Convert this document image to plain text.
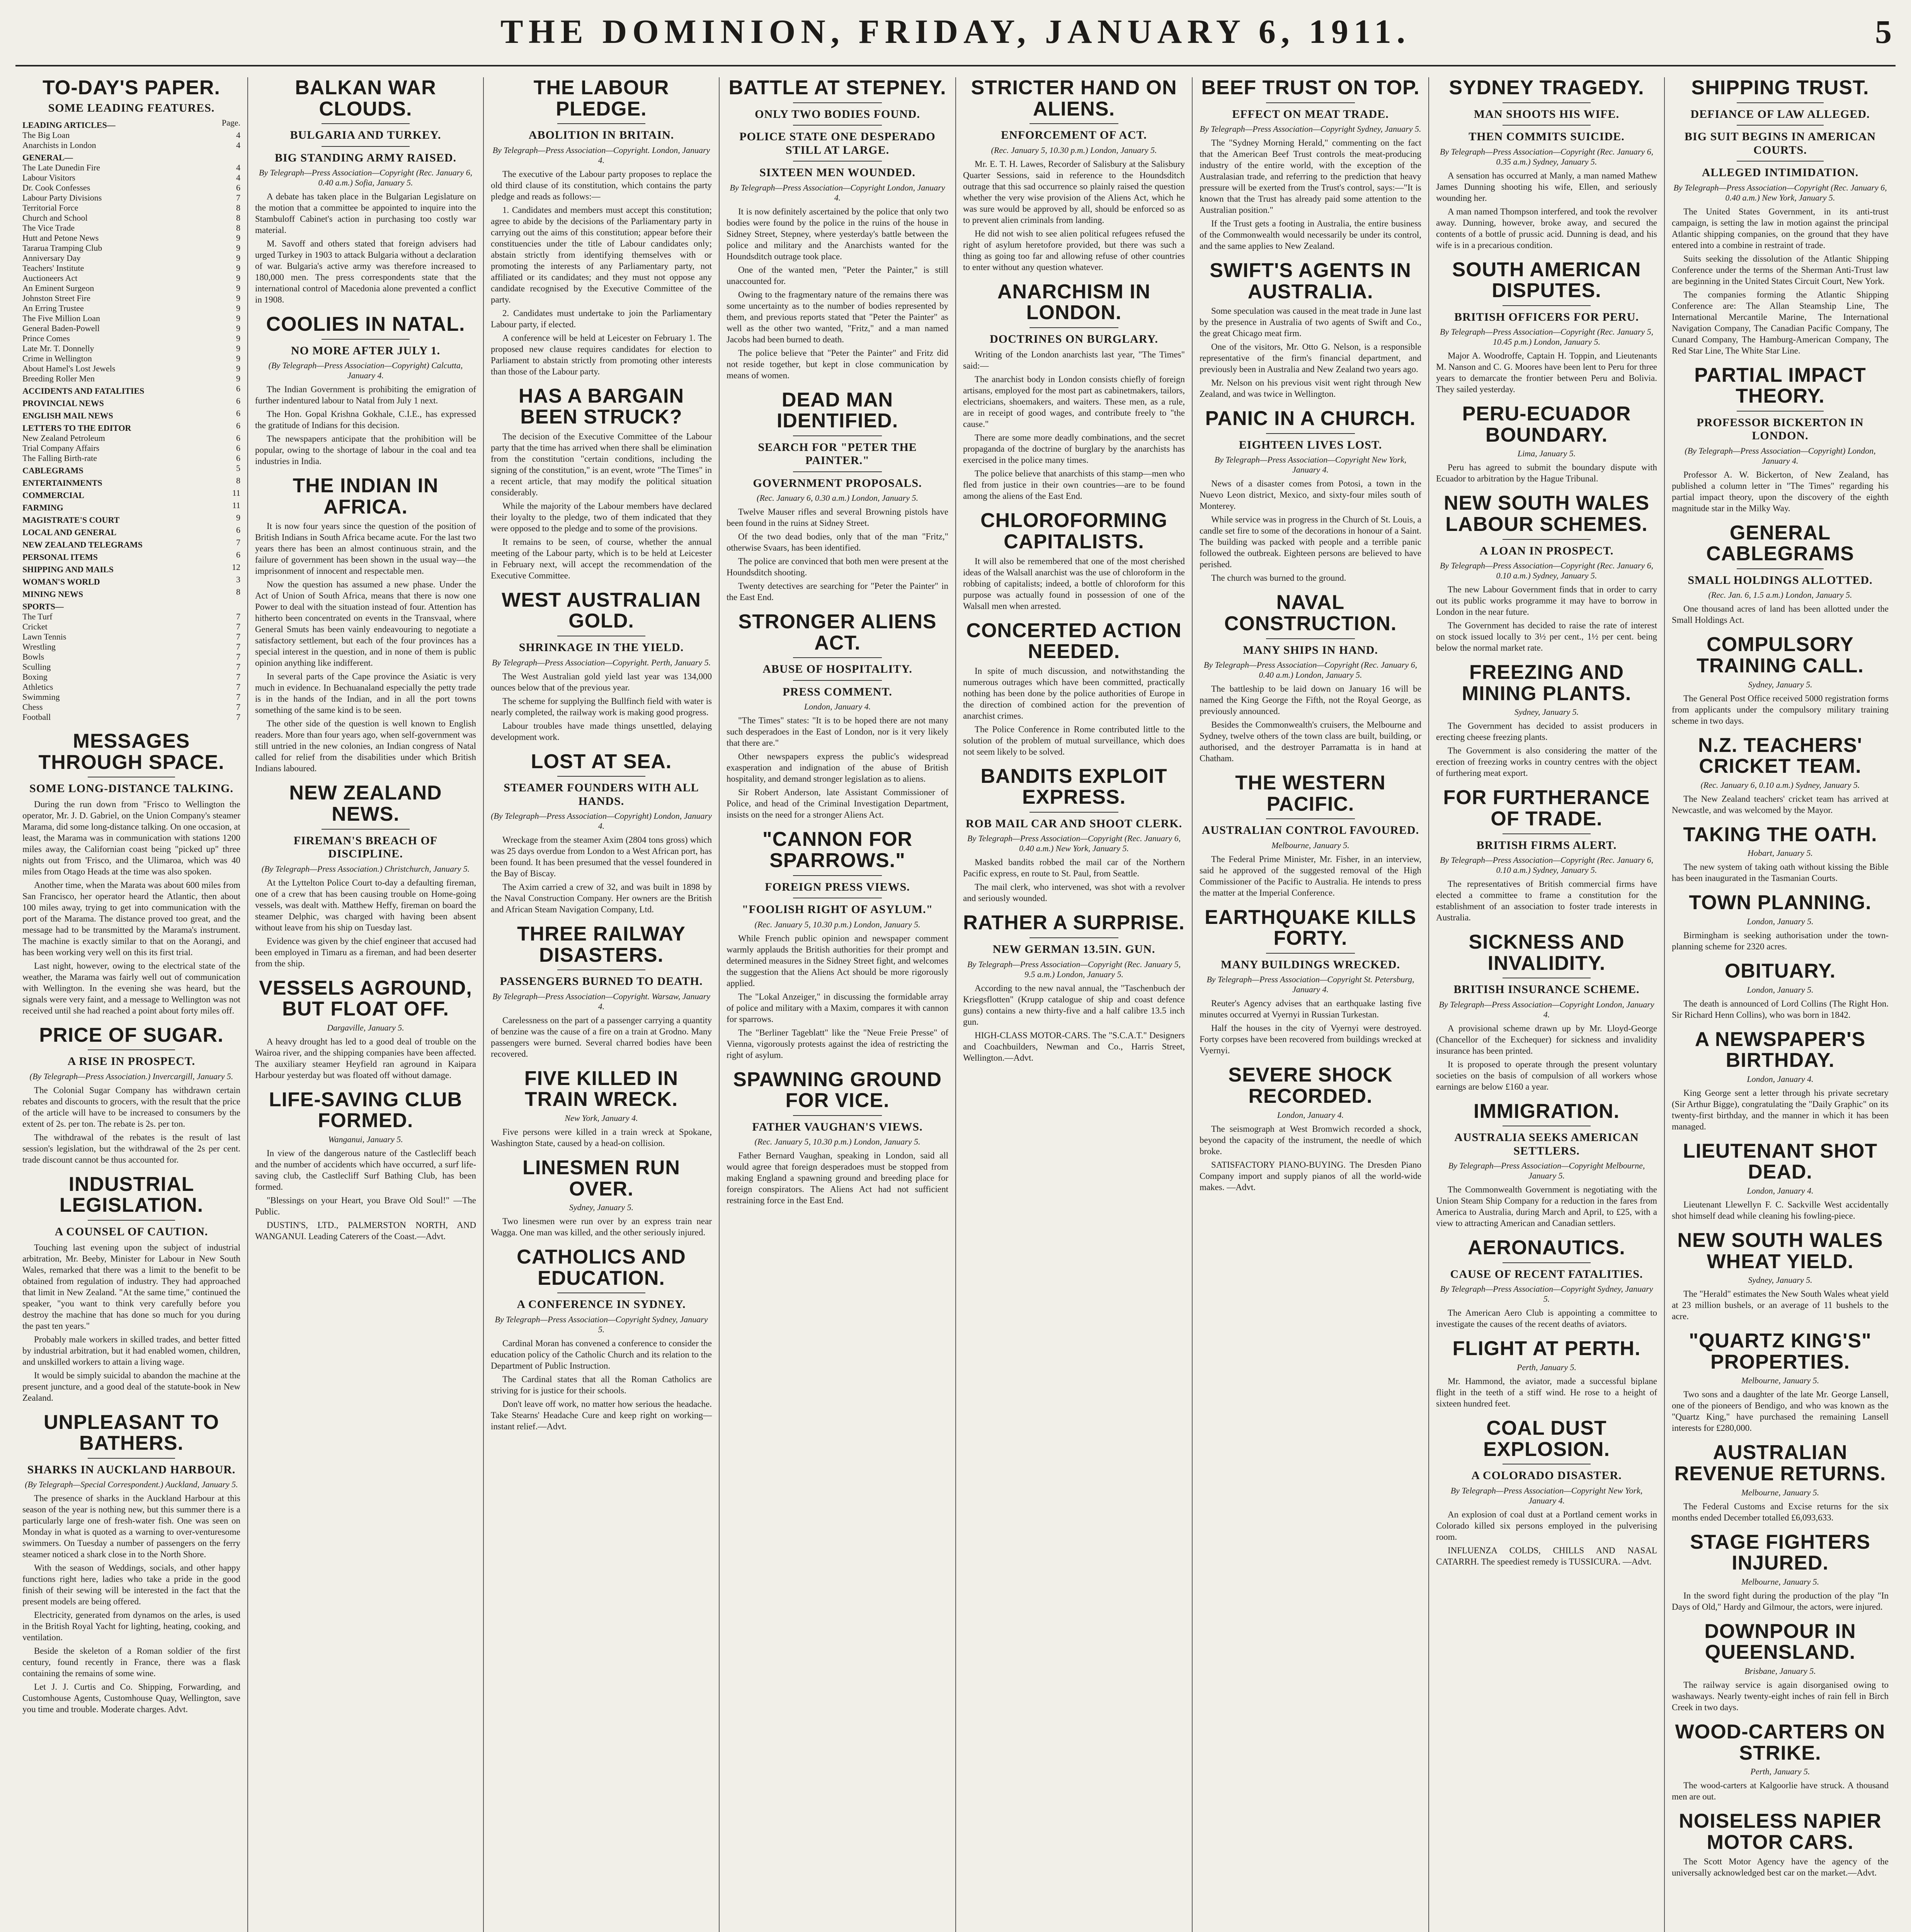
THE DOMINION, FRIDAY, JANUARY 6, 1911.	5
TO-DAY'S PAPER.
SOME LEADING FEATURES.
LEADING ARTICLES—	Page.
The Big Loan	4
Anarchists in London	4
GENERAL—
The Late Dunedin Fire	4
Labour Visitors	4
Dr. Cook Confesses	6
Labour Party Divisions	7
Territorial Force	8
Church and School	8
The Vice Trade	8
Hutt and Petone News	9
Tararua Tramping Club	9
Anniversary Day	9
Teachers' Institute	9
Auctioneers Act	9
An Eminent Surgeon	9
Johnston Street Fire	9
An Erring Trustee	9
The Five Million Loan	9
General Baden-Powell	9
Prince Comes	9
Late Mr. T. Donnelly	9
Crime in Wellington	9
About Hamel's Lost Jewels	9
Breeding Roller Men	9
ACCIDENTS AND FATALITIES	6
PROVINCIAL NEWS	6
ENGLISH MAIL NEWS	6
LETTERS TO THE EDITOR	6
New Zealand Petroleum	6
Trial Company Affairs	6
The Falling Birth-rate	6
CABLEGRAMS	5
ENTERTAINMENTS	8
COMMERCIAL	11
FARMING	11
MAGISTRATE'S COURT	9
LOCAL AND GENERAL	6
NEW ZEALAND TELEGRAMS	7
PERSONAL ITEMS	6
SHIPPING AND MAILS	12
WOMAN'S WORLD	3
MINING NEWS	8
SPORTS—
The Turf	7
Cricket	7
Lawn Tennis	7
Wrestling	7
Bowls	7
Sculling	7
Boxing	7
Athletics	7
Swimming	7
Chess	7
Football	7
MESSAGES THROUGH SPACE.
SOME LONG-DISTANCE TALKING.

During the run down from "Frisco to Wellington the operator, Mr. J. D. Gabriel, on the Union Company's steamer Marama, did some long-distance talking. On one occasion, at least, the Marama was in communication with stations 1200 miles away, the Californian coast being "picked up" three nights out from 'Frisco, and the Ulimaroa, which was 40 miles from Otago Heads at the time was also spoken.

Another time, when the Marata was about 600 miles from San Francisco, her operator heard the Atlantic, then about 100 miles away, trying to get into communication with the port of the Marama. The distance proved too great, and the message had to be transmitted by the Marama's instrument. The machine is exactly similar to that on the Aorangi, and has been working very well on this its first trial.

Last night, however, owing to the electrical state of the weather, the Marama was fairly well out of communication with Wellington. In the evening she was heard, but the signals were very faint, and a message to Wellington was not received until she had reached a point about forty miles off.

PRICE OF SUGAR.
A RISE IN PROSPECT.
(By Telegraph—Press Association.) Invercargill, January 5.

The Colonial Sugar Company has withdrawn certain rebates and discounts to grocers, with the result that the price of the article will have to be increased to consumers by the extent of 2s. per ton. The rebate is 2s. per ton.

The withdrawal of the rebates is the result of last session's legislation, but the withdrawal of the 2s per cent. trade discount cannot be thus accounted for.

INDUSTRIAL LEGISLATION.
A COUNSEL OF CAUTION.

Touching last evening upon the subject of industrial arbitration, Mr. Beeby, Minister for Labour in New South Wales, remarked that there was a limit to the benefit to be obtained from regulation of industry. They had approached that limit in New Zealand. "At the same time," continued the speaker, "you want to think very carefully before you destroy the machine that has done so much for you during the past ten years."

Probably male workers in skilled trades, and better fitted by industrial arbitration, but it had enabled women, children, and unskilled workers to attain a living wage.

It would be simply suicidal to abandon the machine at the present juncture, and a good deal of the statute-book in New Zealand.

UNPLEASANT TO BATHERS.
SHARKS IN AUCKLAND HARBOUR.
(By Telegraph—Special Correspondent.) Auckland, January 5.

The presence of sharks in the Auckland Harbour at this season of the year is nothing new, but this summer there is a particularly large one of fresh-water fish. One was seen on Monday in what is quoted as a warning to over-venturesome swimmers. On Tuesday a number of passengers on the ferry steamer noticed a shark close in to the North Shore.

With the season of Weddings, socials, and other happy functions right here, ladies who take a pride in the good finish of their sewing will be interested in the fact that the present models are being offered.

Electricity, generated from dynamos on the arles, is used in the British Royal Yacht for lighting, heating, cooking, and ventilation.

Beside the skeleton of a Roman soldier of the first century, found recently in France, there was a flask containing the remains of some wine.

Let J. J. Curtis and Co. Shipping, Forwarding, and Customhouse Agents, Customhouse Quay, Wellington, save you time and trouble. Moderate charges. Advt.

BALKAN WAR CLOUDS.
BULGARIA AND TURKEY.
BIG STANDING ARMY RAISED.
By Telegraph—Press Association—Copyright (Rec. January 6, 0.40 a.m.) Sofia, January 5.

A debate has taken place in the Bulgarian Legislature on the motion that a committee be appointed to inquire into the Stambuloff Cabinet's action in purchasing too costly war material.

M. Savoff and others stated that foreign advisers had urged Turkey in 1903 to attack Bulgaria without a declaration of war. Bulgaria's active army was therefore increased to 180,000 men. The press correspondents state that the international control of Macedonia alone prevented a conflict in 1908.

COOLIES IN NATAL.
NO MORE AFTER JULY 1.
(By Telegraph—Press Association—Copyright) Calcutta, January 4.

The Indian Government is prohibiting the emigration of further indentured labour to Natal from July 1 next.

The Hon. Gopal Krishna Gokhale, C.I.E., has expressed the gratitude of Indians for this decision.

The newspapers anticipate that the prohibition will be popular, owing to the shortage of labour in the coal and tea industries in India.

THE INDIAN IN AFRICA.

It is now four years since the question of the position of British Indians in South Africa became acute. For the last two years there has been an almost continuous strain, and the failure of government has been shown in the usual way—the imprisonment of innocent and respectable men.

Now the question has assumed a new phase. Under the Act of Union of South Africa, means that there is now one Power to deal with the situation instead of four. Attention has hitherto been concentrated on events in the Transvaal, where General Smuts has been vainly endeavouring to negotiate a satisfactory settlement, but each of the four provinces has a special interest in the question, and in none of them is public opinion anything like indifferent.

In several parts of the Cape province the Asiatic is very much in evidence. In Bechuanaland especially the petty trade is in the hands of the Indian, and in all the port towns something of the same kind is to be seen.

The other side of the question is well known to English readers. More than four years ago, when self-government was still untried in the new colonies, an Indian congress of Natal called for relief from the disabilities under which British Indians laboured.

NEW ZEALAND NEWS.
FIREMAN'S BREACH OF DISCIPLINE.
(By Telegraph—Press Association.) Christchurch, January 5.

At the Lyttelton Police Court to-day a defaulting fireman, one of a crew that has been causing trouble on Home-going vessels, was dealt with. Matthew Heffy, fireman on board the steamer Delphic, was charged with having been absent without leave from his ship on Tuesday last.

Evidence was given by the chief engineer that accused had been employed in Timaru as a fireman, and had been deserter from the ship.

VESSELS AGROUND, BUT FLOAT OFF.
Dargaville, January 5.

A heavy drought has led to a good deal of trouble on the Wairoa river, and the shipping companies have been affected. The auxiliary steamer Heyfield ran aground in Kaipara Harbour yesterday but was floated off without damage.

LIFE-SAVING CLUB FORMED.
Wanganui, January 5.

In view of the dangerous nature of the Castlecliff beach and the number of accidents which have occurred, a surf life-saving club, the Castlecliff Surf Bathing Club, has been formed.

"Blessings on your Heart, you Brave Old Soul!" —The Public.

DUSTIN'S, LTD., PALMERSTON NORTH, AND WANGANUI. Leading Caterers of the Coast.—Advt.

THE LABOUR PLEDGE.
ABOLITION IN BRITAIN.
By Telegraph—Press Association—Copyright. London, January 4.

The executive of the Labour party proposes to replace the old third clause of its constitution, which contains the party pledge and reads as follows:—

1. Candidates and members must accept this constitution; agree to abide by the decisions of the Parliamentary party in carrying out the aims of this constitution; appear before their constituencies under the title of Labour candidates only; abstain strictly from identifying themselves with or promoting the interests of any Parliamentary party, not affiliated or its candidates; and they must not oppose any candidate recognised by the Executive Committee of the party.

2. Candidates must undertake to join the Parliamentary Labour party, if elected.

A conference will be held at Leicester on February 1. The proposed new clause requires candidates for election to Parliament to abstain strictly from promoting other interests than those of the Labour party.

HAS A BARGAIN BEEN STRUCK?

The decision of the Executive Committee of the Labour party that the time has arrived when there shall be elimination from the constitution "certain conditions, including the signing of the constitution," is an event, wrote "The Times" in a recent article, that may modify the political situation considerably.

While the majority of the Labour members have declared their loyalty to the pledge, two of them indicated that they were opposed to the pledge and to some of the provisions.

It remains to be seen, of course, whether the annual meeting of the Labour party, which is to be held at Leicester in February next, will accept the recommendation of the Executive Committee.

WEST AUSTRALIAN GOLD.
SHRINKAGE IN THE YIELD.
By Telegraph—Press Association—Copyright. Perth, January 5.

The West Australian gold yield last year was 134,000 ounces below that of the previous year.

The scheme for supplying the Bullfinch field with water is nearly completed, the railway work is making good progress.

Labour troubles have made things unsettled, delaying development work.

LOST AT SEA.
STEAMER FOUNDERS WITH ALL HANDS.
(By Telegraph—Press Association—Copyright) London, January 4.

Wreckage from the steamer Axim (2804 tons gross) which was 25 days overdue from London to a West African port, has been found. It has been presumed that the vessel foundered in the Bay of Biscay.

The Axim carried a crew of 32, and was built in 1898 by the Naval Construction Company. Her owners are the British and African Steam Navigation Company, Ltd.

THREE RAILWAY DISASTERS.
PASSENGERS BURNED TO DEATH.
By Telegraph—Press Association—Copyright. Warsaw, January 4.

Carelessness on the part of a passenger carrying a quantity of benzine was the cause of a fire on a train at Grodno. Many passengers were burned. Several charred bodies have been recovered.

FIVE KILLED IN TRAIN WRECK.
New York, January 4.

Five persons were killed in a train wreck at Spokane, Washington State, caused by a head-on collision.

LINESMEN RUN OVER.
Sydney, January 5.

Two linesmen were run over by an express train near Wagga. One man was killed, and the other seriously injured.

CATHOLICS AND EDUCATION.
A CONFERENCE IN SYDNEY.
By Telegraph—Press Association—Copyright Sydney, January 5.

Cardinal Moran has convened a conference to consider the education policy of the Catholic Church and its relation to the Department of Public Instruction.

The Cardinal states that all the Roman Catholics are striving for is justice for their schools.

Don't leave off work, no matter how serious the headache. Take Stearns' Headache Cure and keep right on working—instant relief.—Advt.

BATTLE AT STEPNEY.
ONLY TWO BODIES FOUND.
POLICE STATE ONE DESPERADO STILL AT LARGE.
SIXTEEN MEN WOUNDED.
By Telegraph—Press Association—Copyright London, January 4.

It is now definitely ascertained by the police that only two bodies were found by the police in the ruins of the house in Sidney Street, Stepney, where yesterday's battle between the police and military and the Anarchists wanted for the Houndsditch outrage took place.

One of the wanted men, "Peter the Painter," is still unaccounted for.

Owing to the fragmentary nature of the remains there was some uncertainty as to the number of bodies represented by them, and previous reports stated that "Peter the Painter" as well as the other two wanted, "Fritz," and a man named Jacobs had been burned to death.

The police believe that "Peter the Painter" and Fritz did not reside together, but kept in close communication by means of women.

DEAD MAN IDENTIFIED.
SEARCH FOR "PETER THE PAINTER."
GOVERNMENT PROPOSALS.
(Rec. January 6, 0.30 a.m.) London, January 5.

Twelve Mauser rifles and several Browning pistols have been found in the ruins at Sidney Street.

Of the two dead bodies, only that of the man "Fritz," otherwise Svaars, has been identified.

The police are convinced that both men were present at the Houndsditch shooting.

Twenty detectives are searching for "Peter the Painter" in the East End.

STRONGER ALIENS ACT.
ABUSE OF HOSPITALITY.
PRESS COMMENT.
London, January 4.

"The Times" states: "It is to be hoped there are not many such desperadoes in the East of London, nor is it very likely that there are."

Other newspapers express the public's widespread exasperation and indignation of the abuse of British hospitality, and demand stronger legislation as to aliens.

Sir Robert Anderson, late Assistant Commissioner of Police, and head of the Criminal Investigation Department, insists on the need for a stronger Aliens Act.

"CANNON FOR SPARROWS."
FOREIGN PRESS VIEWS.
"FOOLISH RIGHT OF ASYLUM."
(Rec. January 5, 10.30 p.m.) London, January 5.

While French public opinion and newspaper comment warmly applauds the British authorities for their prompt and determined measures in the Sidney Street fight, and welcomes the suggestion that the Aliens Act should be more rigorously applied.

The "Lokal Anzeiger," in discussing the formidable array of police and military with a Maxim, compares it with cannon for sparrows.

The "Berliner Tageblatt" like the "Neue Freie Presse" of Vienna, vigorously protests against the idea of restricting the right of asylum.

SPAWNING GROUND FOR VICE.
FATHER VAUGHAN'S VIEWS.
(Rec. January 5, 10.30 p.m.) London, January 5.

Father Bernard Vaughan, speaking in London, said all would agree that foreign desperadoes must be stopped from making England a spawning ground and breeding place for foreign conspirators. The Aliens Act had not sufficient restraining force in the East End.

STRICTER HAND ON ALIENS.
ENFORCEMENT OF ACT.
(Rec. January 5, 10.30 p.m.) London, January 5.

Mr. E. T. H. Lawes, Recorder of Salisbury at the Salisbury Quarter Sessions, said in reference to the Houndsditch outrage that this sad occurrence so plainly raised the question whether the very wise provision of the Aliens Act, which he was sure would be approved by all, should be enforced so as to prevent alien criminals from landing.

He did not wish to see alien political refugees refused the right of asylum heretofore provided, but there was such a thing as going too far and allowing refuse of other countries to enter without any question whatever.

ANARCHISM IN LONDON.
DOCTRINES ON BURGLARY.

Writing of the London anarchists last year, "The Times" said:—

The anarchist body in London consists chiefly of foreign artisans, employed for the most part as cabinetmakers, tailors, electricians, shoemakers, and waiters. These men, as a rule, are in receipt of good wages, and contribute freely to "the cause."

There are some more deadly combinations, and the secret propaganda of the doctrine of burglary by the anarchists has exercised in the police many times.

The police believe that anarchists of this stamp—men who fled from justice in their own countries—are to be found among the aliens of the East End.

CHLOROFORMING CAPITALISTS.

It will also be remembered that one of the most cherished ideas of the Walsall anarchist was the use of chloroform in the robbing of capitalists; indeed, a bottle of chloroform for this purpose was actually found in possession of one of the Walsall men when arrested.

CONCERTED ACTION NEEDED.

In spite of much discussion, and notwithstanding the numerous outrages which have been committed, practically nothing has been done by the police authorities of Europe in the direction of combined action for the prevention of anarchist crimes.

The Police Conference in Rome contributed little to the solution of the problem of mutual surveillance, which does not seem likely to be solved.

BANDITS EXPLOIT EXPRESS.
ROB MAIL CAR AND SHOOT CLERK.
By Telegraph—Press Association—Copyright (Rec. January 6, 0.40 a.m.) New York, January 5.

Masked bandits robbed the mail car of the Northern Pacific express, en route to St. Paul, from Seattle.

The mail clerk, who intervened, was shot with a revolver and seriously wounded.

RATHER A SURPRISE.
NEW GERMAN 13.5IN. GUN.
By Telegraph—Press Association—Copyright (Rec. January 5, 9.5 a.m.) London, January 5.

According to the new naval annual, the "Taschenbuch der Kriegsflotten" (Krupp catalogue of ship and coast defence guns) contains a new thirty-five and a half calibre 13.5 inch gun.

HIGH-CLASS MOTOR-CARS. The "S.C.A.T." Designers and Coachbuilders, Newman and Co., Harris Street, Wellington.—Advt.

BEEF TRUST ON TOP.
EFFECT ON MEAT TRADE.
By Telegraph—Press Association—Copyright Sydney, January 5.

The "Sydney Morning Herald," commenting on the fact that the American Beef Trust controls the meat-producing industry of the entire world, with the exception of the Australasian trade, and referring to the prediction that heavy pressure will be exerted from the Trust's control, says:—"It is known that the Trust has already paid some attention to the Australian position."

If the Trust gets a footing in Australia, the entire business of the Commonwealth would necessarily be under its control, and the same applies to New Zealand.

SWIFT'S AGENTS IN AUSTRALIA.

Some speculation was caused in the meat trade in June last by the presence in Australia of two agents of Swift and Co., the great Chicago meat firm.

One of the visitors, Mr. Otto G. Nelson, is a responsible representative of the firm's financial department, and previously been in Australia and New Zealand two years ago.

Mr. Nelson on his previous visit went right through New Zealand, and was twice in Wellington.

PANIC IN A CHURCH.
EIGHTEEN LIVES LOST.
By Telegraph—Press Association—Copyright New York, January 4.

News of a disaster comes from Potosi, a town in the Nuevo Leon district, Mexico, and sixty-four miles south of Monterey.

While service was in progress in the Church of St. Louis, a candle set fire to some of the decorations in honour of a Saint. The building was packed with people and a terrible panic followed the outbreak. Eighteen persons are believed to have perished.

The church was burned to the ground.

NAVAL CONSTRUCTION.
MANY SHIPS IN HAND.
By Telegraph—Press Association—Copyright (Rec. January 6, 0.40 a.m.) London, January 5.

The battleship to be laid down on January 16 will be named the King George the Fifth, not the Royal George, as previously announced.

Besides the Commonwealth's cruisers, the Melbourne and Sydney, twelve others of the town class are built, building, or authorised, and the destroyer Parramatta is in hand at Chatham.

THE WESTERN PACIFIC.
AUSTRALIAN CONTROL FAVOURED.
Melbourne, January 5.

The Federal Prime Minister, Mr. Fisher, in an interview, said he approved of the suggested removal of the High Commissioner of the Pacific to Australia. He intends to press the matter at the Imperial Conference.

EARTHQUAKE KILLS FORTY.
MANY BUILDINGS WRECKED.
By Telegraph—Press Association—Copyright St. Petersburg, January 4.

Reuter's Agency advises that an earthquake lasting five minutes occurred at Vyernyi in Russian Turkestan.

Half the houses in the city of Vyernyi were destroyed. Forty corpses have been recovered from buildings wrecked at Vyernyi.

SEVERE SHOCK RECORDED.
London, January 4.

The seismograph at West Bromwich recorded a shock, beyond the capacity of the instrument, the needle of which broke.

SATISFACTORY PIANO-BUYING. The Dresden Piano Company import and supply pianos of all the world-wide makes. —Advt.

SYDNEY TRAGEDY.
MAN SHOOTS HIS WIFE.
THEN COMMITS SUICIDE.
By Telegraph—Press Association—Copyright (Rec. January 6, 0.35 a.m.) Sydney, January 5.

A sensation has occurred at Manly, a man named Mathew James Dunning shooting his wife, Ellen, and seriously wounding her.

A man named Thompson interfered, and took the revolver away. Dunning, however, broke away, and secured the contents of a bottle of prussic acid. Dunning is dead, and his wife is in a precarious condition.

SOUTH AMERICAN DISPUTES.
BRITISH OFFICERS FOR PERU.
By Telegraph—Press Association—Copyright (Rec. January 5, 10.45 p.m.) London, January 5.

Major A. Woodroffe, Captain H. Toppin, and Lieutenants M. Nanson and C. G. Moores have been lent to Peru for three years to demarcate the frontier between Peru and Bolivia. They sailed yesterday.

PERU-ECUADOR BOUNDARY.
Lima, January 5.

Peru has agreed to submit the boundary dispute with Ecuador to arbitration by the Hague Tribunal.

NEW SOUTH WALES LABOUR SCHEMES.
A LOAN IN PROSPECT.
By Telegraph—Press Association—Copyright (Rec. January 6, 0.10 a.m.) Sydney, January 5.

The new Labour Government finds that in order to carry out its public works programme it may have to borrow in London in the near future.

The Government has decided to raise the rate of interest on stock issued locally to 3½ per cent., 1½ per cent. being below the normal market rate.

FREEZING AND MINING PLANTS.
Sydney, January 5.

The Government has decided to assist producers in erecting cheese freezing plants.

The Government is also considering the matter of the erection of freezing works in country centres with the object of furthering meat export.

FOR FURTHERANCE OF TRADE.
BRITISH FIRMS ALERT.
By Telegraph—Press Association—Copyright (Rec. January 6, 0.10 a.m.) Sydney, January 5.

The representatives of British commercial firms have elected a committee to frame a constitution for the establishment of an association to foster trade interests in Australia.

SICKNESS AND INVALIDITY.
BRITISH INSURANCE SCHEME.
By Telegraph—Press Association—Copyright London, January 4.

A provisional scheme drawn up by Mr. Lloyd-George (Chancellor of the Exchequer) for sickness and invalidity insurance has been printed.

It is proposed to operate through the present voluntary societies on the basis of compulsion of all workers whose earnings are below £160 a year.

IMMIGRATION.
AUSTRALIA SEEKS AMERICAN SETTLERS.
By Telegraph—Press Association—Copyright Melbourne, January 5.

The Commonwealth Government is negotiating with the Union Steam Ship Company for a reduction in the fares from America to Australia, during March and April, to £25, with a view to attracting American and Canadian settlers.

AERONAUTICS.
CAUSE OF RECENT FATALITIES.
By Telegraph—Press Association—Copyright Sydney, January 5.

The American Aero Club is appointing a committee to investigate the causes of the recent deaths of aviators.

FLIGHT AT PERTH.
Perth, January 5.

Mr. Hammond, the aviator, made a successful biplane flight in the teeth of a stiff wind. He rose to a height of sixteen hundred feet.

COAL DUST EXPLOSION.
A COLORADO DISASTER.
By Telegraph—Press Association—Copyright New York, January 4.

An explosion of coal dust at a Portland cement works in Colorado killed six persons employed in the pulverising room.

INFLUENZA COLDS, CHILLS AND NASAL CATARRH. The speediest remedy is TUSSICURA. —Advt.

SHIPPING TRUST.
DEFIANCE OF LAW ALLEGED.
BIG SUIT BEGINS IN AMERICAN COURTS.
ALLEGED INTIMIDATION.
By Telegraph—Press Association—Copyright (Rec. January 6, 0.40 a.m.) New York, January 5.

The United States Government, in its anti-trust campaign, is setting the law in motion against the principal Atlantic shipping companies, on the ground that they have entered into a combine in restraint of trade.

Suits seeking the dissolution of the Atlantic Shipping Conference under the terms of the Sherman Anti-Trust law are beginning in the United States Circuit Court, New York.

The companies forming the Atlantic Shipping Conference are: The Allan Steamship Line, The International Mercantile Marine, The International Navigation Company, The Canadian Pacific Company, The Cunard Company, The Hamburg-American Company, The Red Star Line, The White Star Line.

PARTIAL IMPACT THEORY.
PROFESSOR BICKERTON IN LONDON.
(By Telegraph—Press Association—Copyright) London, January 4.

Professor A. W. Bickerton, of New Zealand, has published a column letter in "The Times" regarding his partial impact theory, upon the discovery of the eighth magnitude star in the Milky Way.

GENERAL CABLEGRAMS
SMALL HOLDINGS ALLOTTED.
(Rec. Jan. 6, 1.5 a.m.) London, January 5.

One thousand acres of land has been allotted under the Small Holdings Act.

COMPULSORY TRAINING CALL.
Sydney, January 5.

The General Post Office received 5000 registration forms from applicants under the compulsory military training scheme in two days.

N.Z. TEACHERS' CRICKET TEAM.
(Rec. January 6, 0.10 a.m.) Sydney, January 5.

The New Zealand teachers' cricket team has arrived at Newcastle, and was welcomed by the Mayor.

TAKING THE OATH.
Hobart, January 5.

The new system of taking oath without kissing the Bible has been inaugurated in the Tasmanian Courts.

TOWN PLANNING.
London, January 5.

Birmingham is seeking authorisation under the town-planning scheme for 2320 acres.

OBITUARY.
London, January 5.

The death is announced of Lord Collins (The Right Hon. Sir Richard Henn Collins), who was born in 1842.

A NEWSPAPER'S BIRTHDAY.
London, January 4.

King George sent a letter through his private secretary (Sir Arthur Bigge), congratulating the "Daily Graphic" on its twenty-first birthday, and the manner in which it has been managed.

LIEUTENANT SHOT DEAD.
London, January 4.

Lieutenant Llewellyn F. C. Sackville West accidentally shot himself dead while cleaning his fowling-piece.

NEW SOUTH WALES WHEAT YIELD.
Sydney, January 5.

The "Herald" estimates the New South Wales wheat yield at 23 million bushels, or an average of 11 bushels to the acre.

"QUARTZ KING'S" PROPERTIES.
Melbourne, January 5.

Two sons and a daughter of the late Mr. George Lansell, one of the pioneers of Bendigo, and who was known as the "Quartz King," have purchased the remaining Lansell interests for £280,000.

AUSTRALIAN REVENUE RETURNS.
Melbourne, January 5.

The Federal Customs and Excise returns for the six months ended December totalled £6,093,633.

STAGE FIGHTERS INJURED.
Melbourne, January 5.

In the sword fight during the production of the play "In Days of Old," Hardy and Gilmour, the actors, were injured.

DOWNPOUR IN QUEENSLAND.
Brisbane, January 5.

The railway service is again disorganised owing to washaways. Nearly twenty-eight inches of rain fell in Birch Creek in two days.

WOOD-CARTERS ON STRIKE.
Perth, January 5.

The wood-carters at Kalgoorlie have struck. A thousand men are out.

NOISELESS NAPIER MOTOR CARS.

The Scott Motor Agency have the agency of the universally acknowledged best car on the market.—Advt.
